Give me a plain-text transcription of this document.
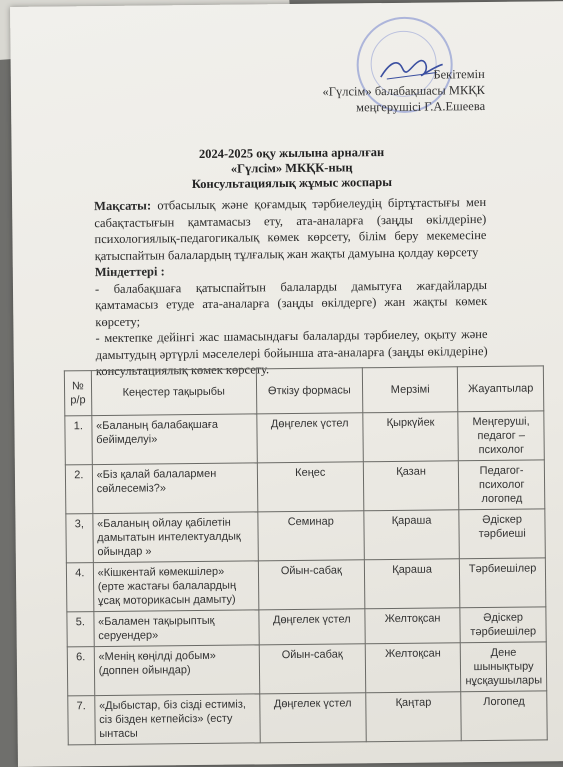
Бекітемін
«Гүлсім» балабақшасы МКҚК
меңгерушісі Г.А.Ешеева
2024-2025 оқу жылына арналған
«Гүлсім» МКҚК-ның
Консультациялық жұмыс жоспары

Мақсаты: отбасылық және қоғамдық тәрбиелеудің біртұтастығы мен сабақтастығын қамтамасыз ету, ата-аналарға (заңды өкілдеріне) психологиялық-педагогикалық көмек көрсету, білім беру мекемесіне қатыспайтын балалардың тұлғалық жан жақты дамуына қолдау көрсету

Міндеттері :

- балабақшаға қатыспайтын балаларды дамытуға жағдайларды қамтамасыз етуде ата-аналарға (заңды өкілдерге) жан жақты көмек көрсету;

- мектепке дейінгі жас шамасындағы балаларды тәрбиелеу, оқыту және дамытудың әртүрлі мәселелері бойынша ата-аналарға (заңды өкілдеріне) консультациялық көмек көрсету.

№ р/р	Кеңестер тақырыбы	Өткізу формасы	Мерзімі	Жауаптылар
1.	«Баланың балабақшаға бейімделуі»	Дөңгелек үстел	Қыркүйек	Меңгеруші, педагог – психолог
2.	«Біз қалай балалармен сөйлесеміз?»	Кеңес	Қазан	Педагог-психолог логопед
3,	«Баланың ойлау қабілетін дамытатын интелектуалдық ойындар »	Семинар	Қараша	Әдіскер тәрбиеші
4.	«Кішкентай көмекшілер» (ерте жастағы балалардың ұсақ моторикасын дамыту)	Ойын-сабақ	Қараша	Тәрбиешілер
5.	«Баламен тақырыптық серуендер»	Дөңгелек үстел	Желтоқсан	Әдіскер тәрбиешілер
6.	«Менің көңілді добым» (доппен ойындар)	Ойын-сабақ	Желтоқсан	Дене шынықтыру нұсқаушылары
7.	«Дыбыстар, біз сізді естиміз, сіз бізден кетпейсіз» (есту ынтасы	Дөңгелек үстел	Қаңтар	Логопед
